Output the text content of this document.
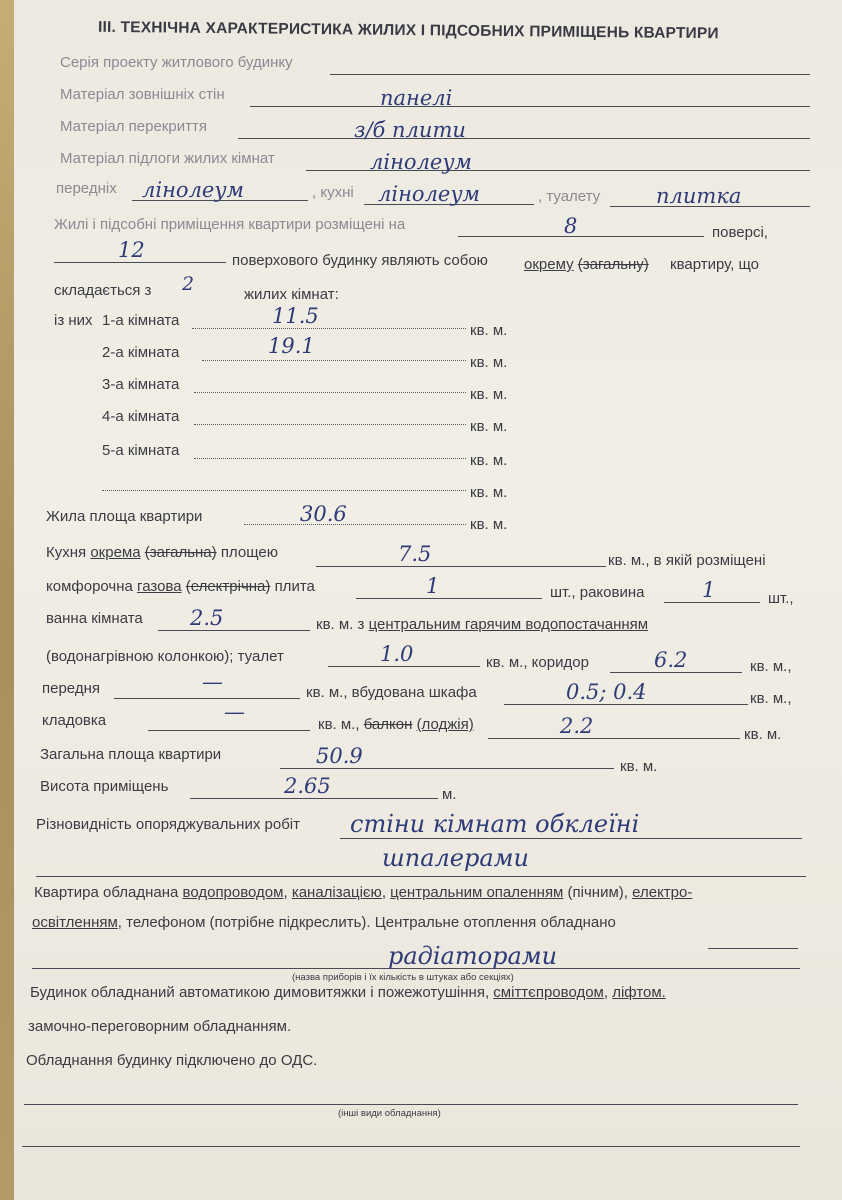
ІІІ. ТЕХНІЧНА ХАРАКТЕРИСТИКА ЖИЛИХ І ПІДСОБНИХ ПРИМІЩЕНЬ КВАРТИРИ
Серія проекту житлового будинку
Матеріал зовнішніх стін	панелі
Матеріал перекриття	з/б плити
Матеріал підлоги жилих кімнат	лінолеум
передніх лінолеум	, кухні лінолеум	, туалету	плитка
Жилі і підсобні приміщення квартири розміщені на	8	поверсі,
12	поверхового будинку являють собою окрему (загальну) квартиру, що
складається з 2	жилих кімнат:
із них 1-а кімната	11.5
кв. м.
2-а кімната	19.1
кв. м.
3-а кімната
кв. м.
4-а кімната
кв. м.
5-а кімната
кв. м.
кв. м.
Жила площа квартири	30.6	кв. м.
Кухня окрема (загальна) площею	7.5	кв. м., в якій розміщені
комфорочна газова (електрічна) плита	1	шт., раковина	1	шт.,
ванна кімната 2.5	кв. м. з центральним гарячим водопостачанням
(водонагрівною колонкою); туалет	1.0	кв. м., коридор	6.2	кв. м.,
передня	—	кв. м., вбудована шкафа	0.5; 0.4	кв. м.,
кладовка	—
кв. м., балкон (лоджія)	2.2	кв. м.
Загальна площа квартири	50.9	кв. м.
Висота приміщень	2.65	м.
Різновидність опоряджувальних робіт стіни кімнат обклеїні
шпалерами
Квартира обладнана водопроводом, каналізацією, центральним опаленням (пічним), електро-
освітленням, телефоном (потрібне підкреслить). Центральне отоплення обладнано
радіаторами
(назва приборів і їх кількість в штуках або секціях)
Будинок обладнаний автоматикою димовитяжки і пожежотушіння, сміттєпроводом, ліфтом.
замочно-переговорним обладнанням.
Обладнання будинку підключено до ОДС.
(інші види обладнання)
